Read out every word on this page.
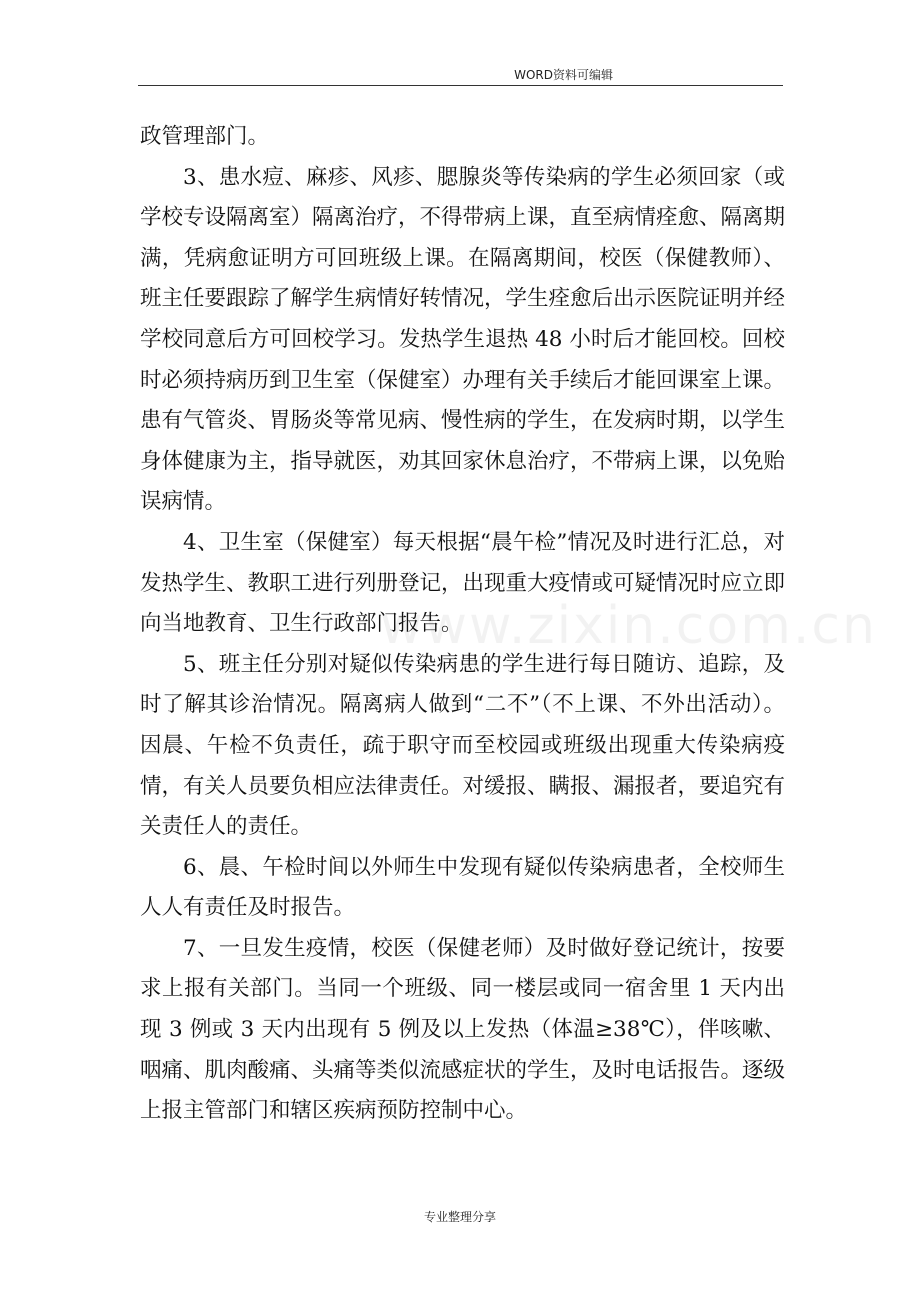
WORD资料可编辑
www.zixin.com.cn

政管理部门。

3、患水痘、麻疹、风疹、腮腺炎等传染病的学生必须回家（或学校专设隔离室）隔离治疗，不得带病上课，直至病情痊愈、隔离期满，凭病愈证明方可回班级上课。在隔离期间，校医（保健教师）、班主任要跟踪了解学生病情好转情况，学生痊愈后出示医院证明并经学校同意后方可回校学习。发热学生退热 48 小时后才能回校。回校时必须持病历到卫生室（保健室）办理有关手续后才能回课室上课。患有气管炎、胃肠炎等常见病、慢性病的学生，在发病时期，以学生身体健康为主，指导就医，劝其回家休息治疗，不带病上课，以免贻误病情。

4、卫生室（保健室）每天根据“晨午检”情况及时进行汇总，对发热学生、教职工进行列册登记，出现重大疫情或可疑情况时应立即向当地教育、卫生行政部门报告。

5、班主任分别对疑似传染病患的学生进行每日随访、追踪，及时了解其诊治情况。隔离病人做到“二不”（不上课、不外出活动）。因晨、午检不负责任，疏于职守而至校园或班级出现重大传染病疫情，有关人员要负相应法律责任。对缓报、瞒报、漏报者，要追究有关责任人的责任。

6、晨、午检时间以外师生中发现有疑似传染病患者，全校师生人人有责任及时报告。

7、一旦发生疫情，校医（保健老师）及时做好登记统计，按要求上报有关部门。当同一个班级、同一楼层或同一宿舍里 1 天内出现 3 例或 3 天内出现有 5 例及以上发热（体温≥38℃），伴咳嗽、咽痛、肌肉酸痛、头痛等类似流感症状的学生，及时电话报告。逐级上报主管部门和辖区疾病预防控制中心。

专业整理分享
